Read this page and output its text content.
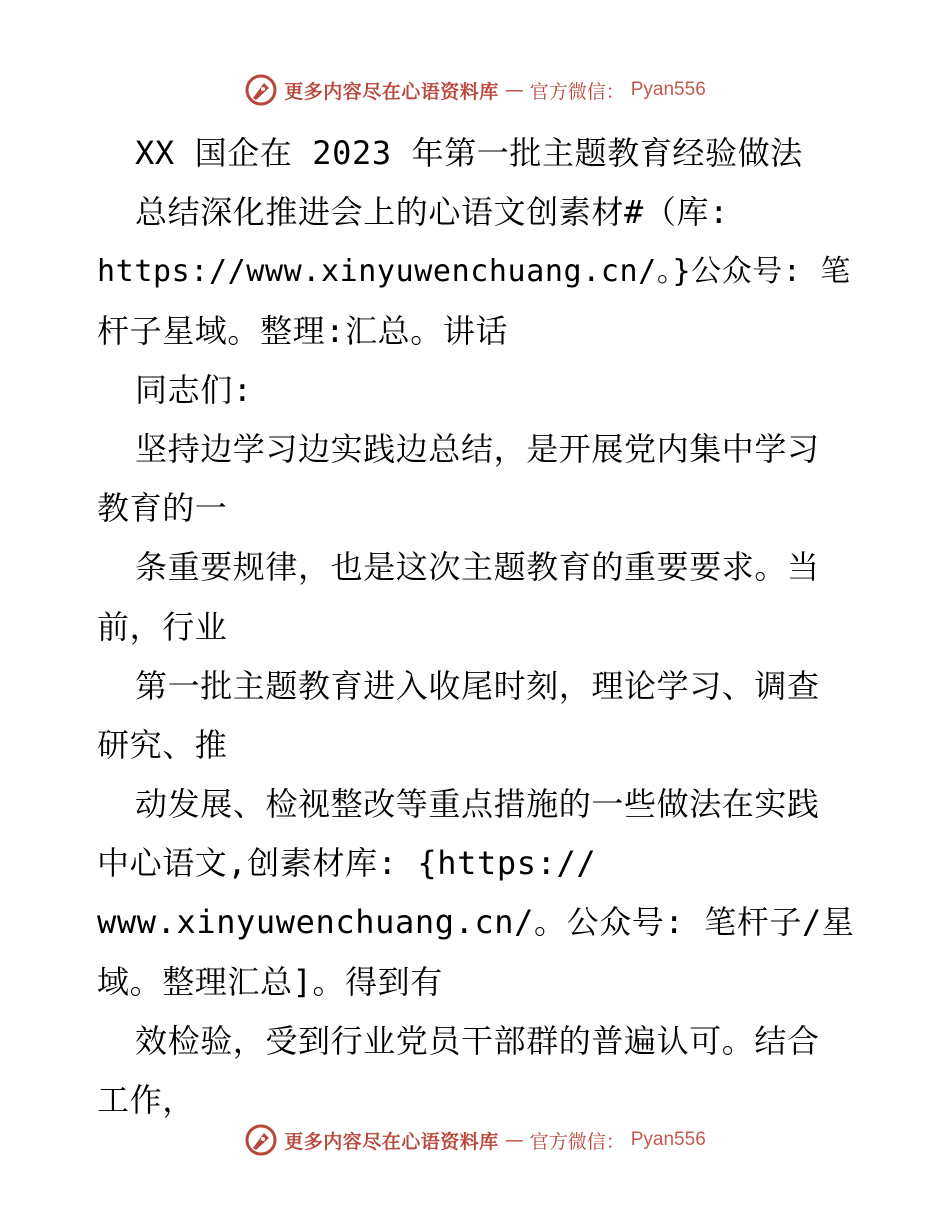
更多内容尽在心语资料库 — 官方微信： Pyan556
XX 国企在 2023 年第一批主题教育经验做法
总结深化推进会上的心语文创素材#（库:
https://www.xinyuwenchuang.cn/。}公众号: 笔
杆子星域。整理:汇总。讲话
同志们:
坚持边学习边实践边总结，是开展党内集中学习
教育的一
条重要规律，也是这次主题教育的重要要求。当
前，行业
第一批主题教育进入收尾时刻，理论学习、调查
研究、推
动发展、检视整改等重点措施的一些做法在实践
中心语文,创素材库: {https://
www.xinyuwenchuang.cn/。公众号: 笔杆子/星
域。整理汇总]。得到有
效检验，受到行业党员干部群的普遍认可。结合
工作，
更多内容尽在心语资料库 — 官方微信： Pyan556
